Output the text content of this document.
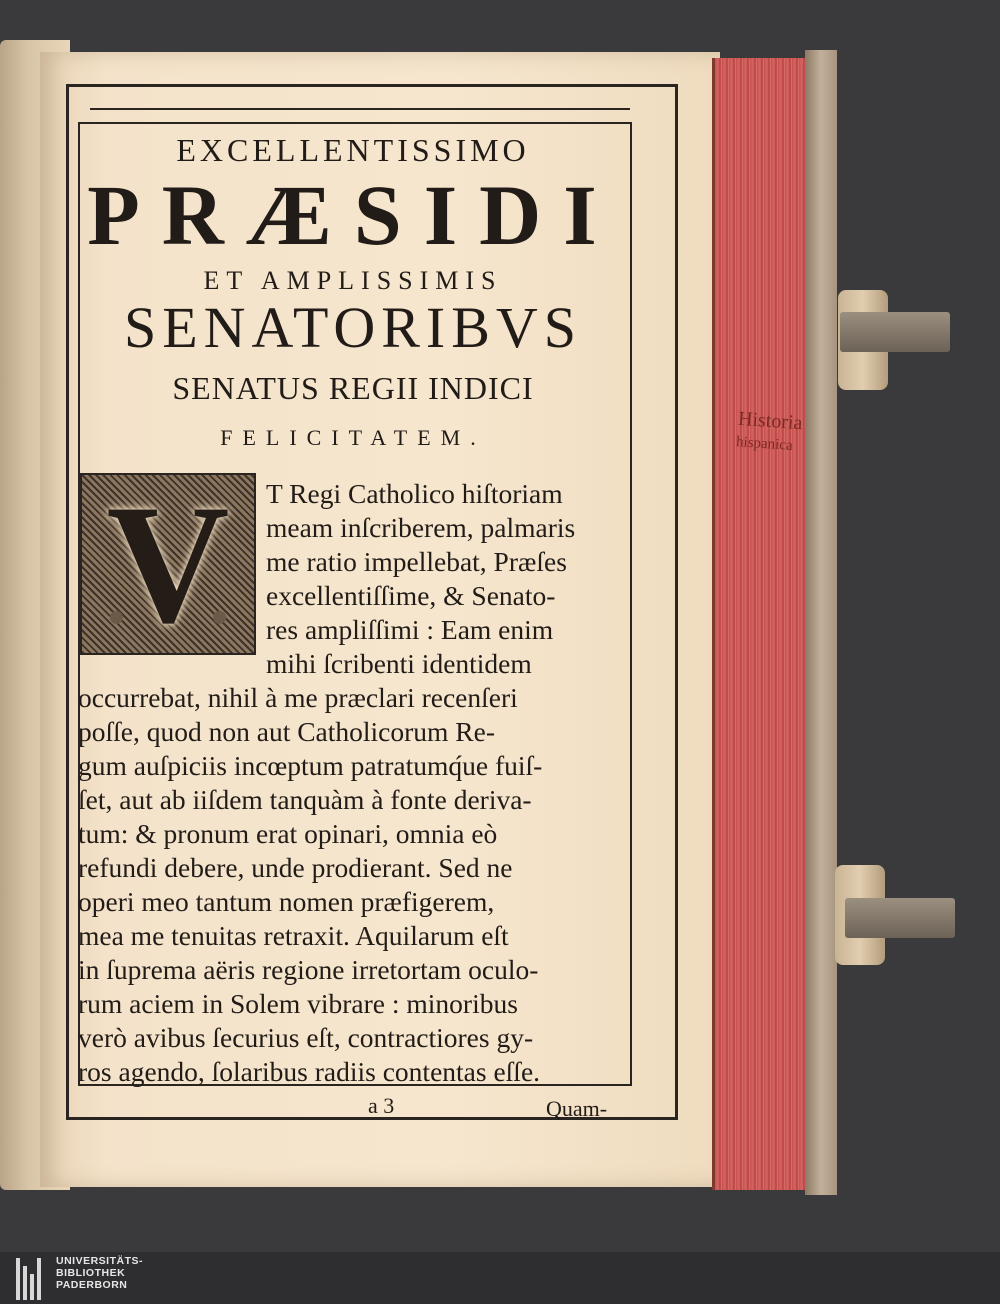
EXCELLENTISSIMO
PRÆSIDI
ET AMPLISSIMIS
SENATORIBVS
SENATUS REGII INDICI
FELICITATEM.
V	T Regi Catholico hiſtoriam
meam inſcriberem, palmaris
me ratio impellebat, Præſes
excellentiſſime, & Senato-
res ampliſſimi : Eam enim
mihi ſcribenti identidem
occurrebat, nihil à me præclari recenſeri
poſſe, quod non aut Catholicorum Re-
gum auſpiciis incœptum patratumq́ue fuiſ-
ſet, aut ab iiſdem tanquàm à fonte deriva-
tum: & pronum erat opinari, omnia eò
refundi debere, unde prodierant. Sed ne
operi meo tantum nomen præfigerem,
mea me tenuitas retraxit. Aquilarum eſt
in ſuprema aëris regione irretortam oculo-
rum aciem in Solem vibrare : minoribus
verò avibus ſecurius eſt, contractiores gy-
ros agendo, ſolaribus radiis contentas eſſe.
a 3	Quam-
Historia
hispanica
UNIVERSITÄTS-
BIBLIOTHEK
PADERBORN
